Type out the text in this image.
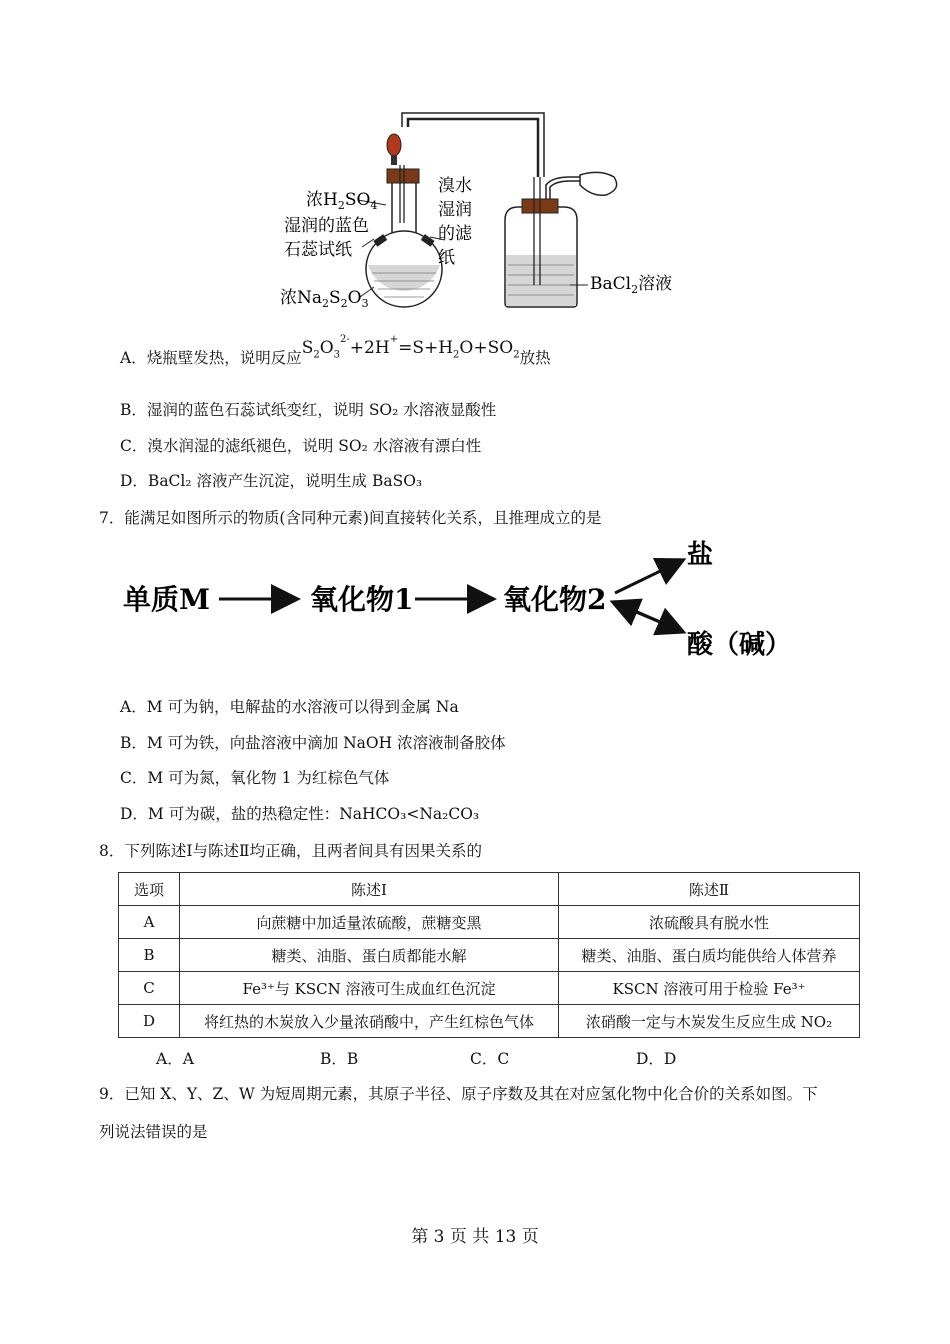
浓$H_2SO_4$
湿润的蓝色
石蕊试纸
溴水
湿润
的滤
纸
浓$Na_2S_2O_3$
BaCl$_2$溶液
A．烧瓶壁发热，说明反应$S_2O_3^{2-}+2H^+=S+H_2O+SO_2$放热
B．湿润的蓝色石蕊试纸变红，说明 SO₂ 水溶液显酸性
C．溴水润湿的滤纸褪色，说明 SO₂ 水溶液有漂白性
D．BaCl₂ 溶液产生沉淀，说明生成 BaSO₃
7．能满足如图所示的物质(含同种元素)间直接转化关系，且推理成立的是
单质M	氧化物1	氧化物2
盐
酸（碱）
A．M 可为钠，电解盐的水溶液可以得到金属 Na
B．M 可为铁，向盐溶液中滴加 NaOH 浓溶液制备胶体
C．M 可为氮，氧化物 1 为红棕色气体
D．M 可为碳，盐的热稳定性：NaHCO₃<Na₂CO₃
8．下列陈述Ⅰ与陈述Ⅱ均正确，且两者间具有因果关系的
选项	陈述Ⅰ	陈述Ⅱ
A	向蔗糖中加适量浓硫酸，蔗糖变黑	浓硫酸具有脱水性
B	糖类、油脂、蛋白质都能水解	糖类、油脂、蛋白质均能供给人体营养
C	Fe³⁺与 KSCN 溶液可生成血红色沉淀	KSCN 溶液可用于检验 Fe³⁺
D	将红热的木炭放入少量浓硝酸中，产生红棕色气体	浓硝酸一定与木炭发生反应生成 NO₂
A．A	B．B	C．C	D．D
9．已知 X、Y、Z、W 为短周期元素，其原子半径、原子序数及其在对应氢化物中化合价的关系如图。下
列说法错误的是
第 3 页 共 13 页
